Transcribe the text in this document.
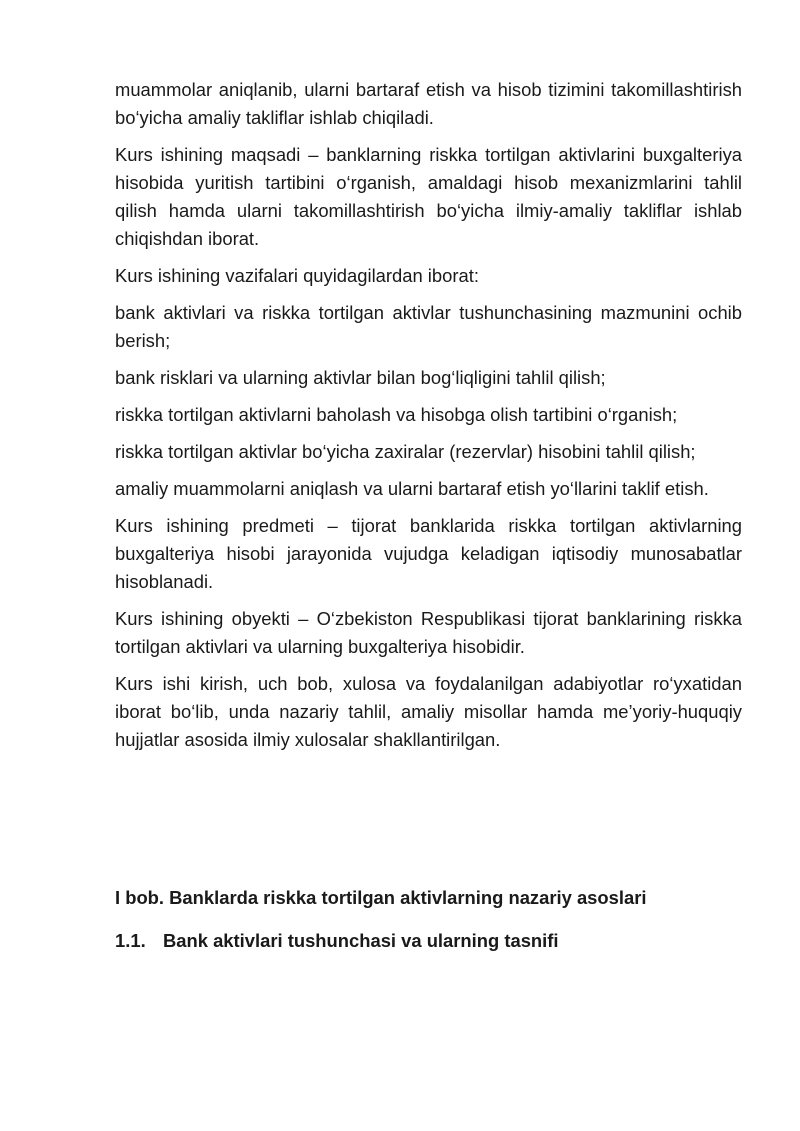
muammolar aniqlanib, ularni bartaraf etish va hisob tizimini takomillashtirish bo‘yicha amaliy takliflar ishlab chiqiladi.

Kurs ishining maqsadi – banklarning riskka tortilgan aktivlarini buxgalteriya hisobida yuritish tartibini o‘rganish, amaldagi hisob mexanizmlarini tahlil qilish hamda ularni takomillashtirish bo‘yicha ilmiy-amaliy takliflar ishlab chiqishdan iborat.

Kurs ishining vazifalari quyidagilardan iborat:

bank aktivlari va riskka tortilgan aktivlar tushunchasining mazmunini ochib berish;

bank risklari va ularning aktivlar bilan bog‘liqligini tahlil qilish;

riskka tortilgan aktivlarni baholash va hisobga olish tartibini o‘rganish;

riskka tortilgan aktivlar bo‘yicha zaxiralar (rezervlar) hisobini tahlil qilish;

amaliy muammolarni aniqlash va ularni bartaraf etish yo‘llarini taklif etish.

Kurs ishining predmeti – tijorat banklarida riskka tortilgan aktivlarning buxgalteriya hisobi jarayonida vujudga keladigan iqtisodiy munosabatlar hisoblanadi.

Kurs ishining obyekti – O‘zbekiston Respublikasi tijorat banklarining riskka tortilgan aktivlari va ularning buxgalteriya hisobidir.

Kurs ishi kirish, uch bob, xulosa va foydalanilgan adabiyotlar ro‘yxatidan iborat bo‘lib, unda nazariy tahlil, amaliy misollar hamda me’yoriy-huquqiy hujjatlar asosida ilmiy xulosalar shakllantirilgan.

I bob. Banklarda riskka tortilgan aktivlarning nazariy asoslari

1.1. Bank aktivlari tushunchasi va ularning tasnifi
